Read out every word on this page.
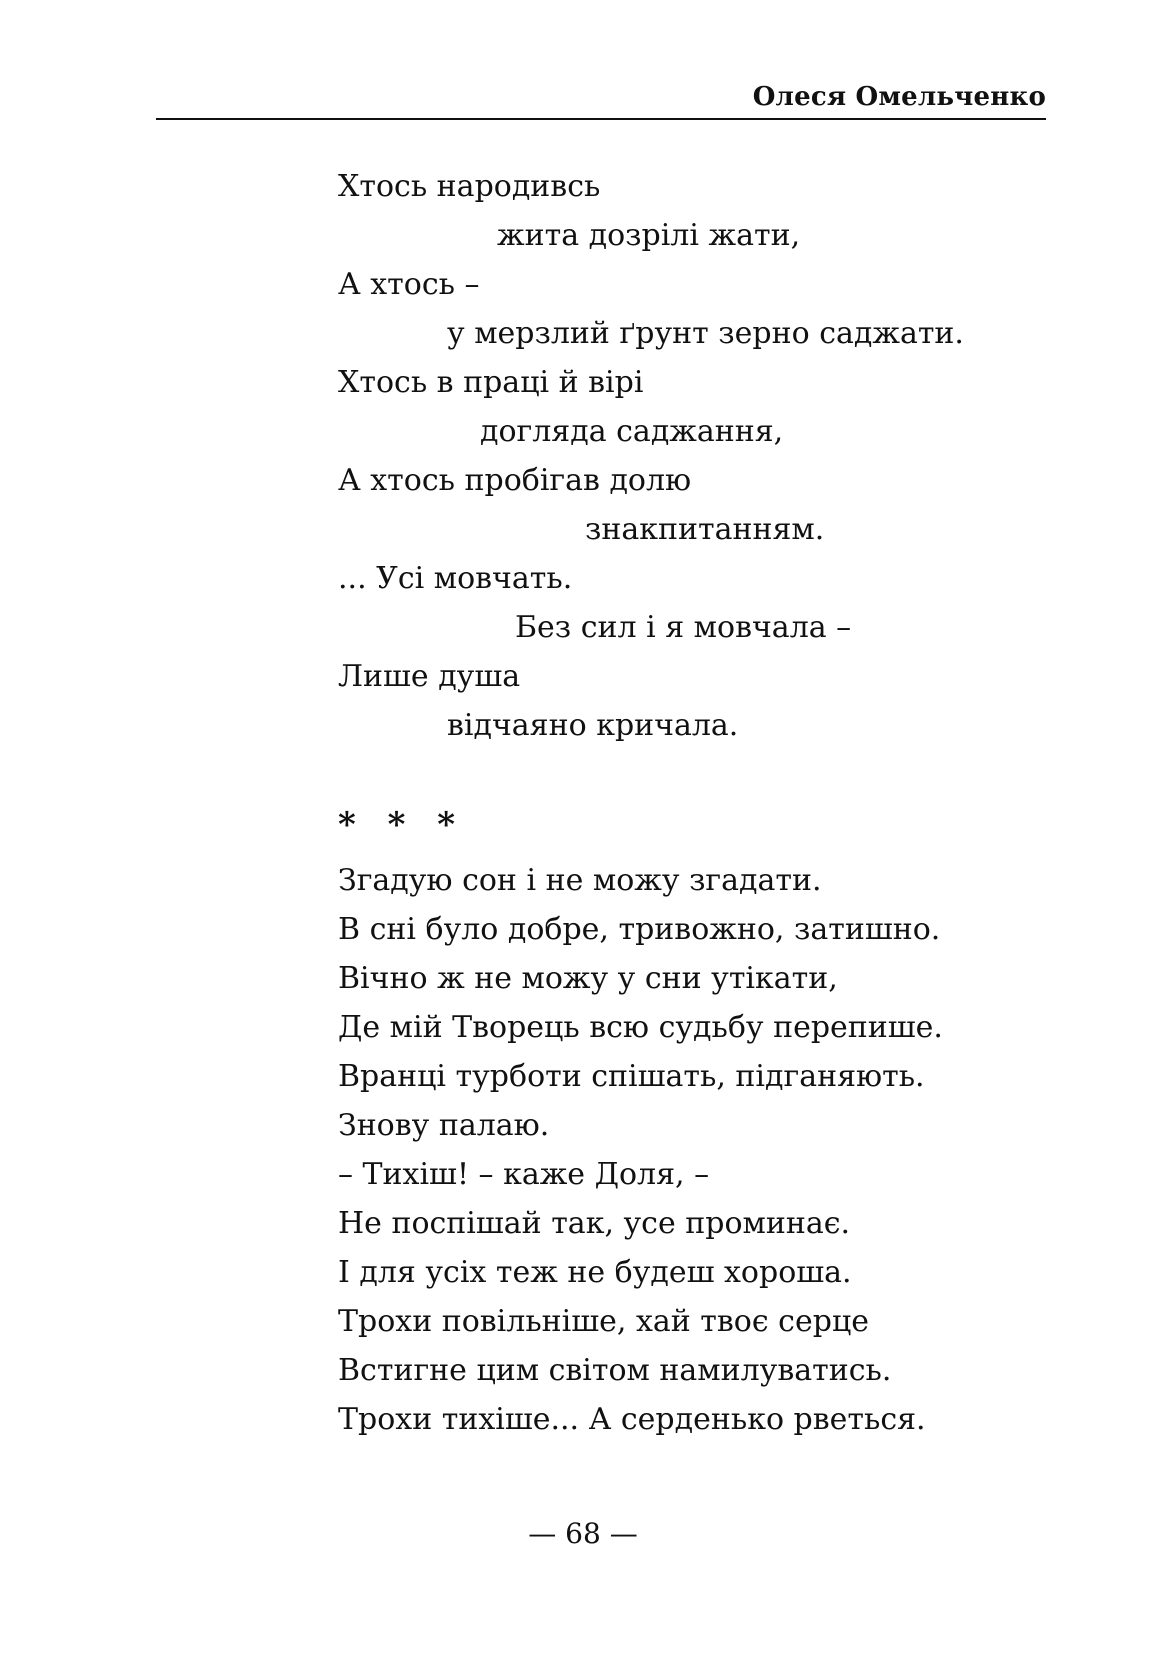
Олеся Омельченко
Хтось народивсь
жита дозрілі жати,
А хтось –
у мерзлий ґрунт зерно саджати.
Хтось в праці й вірі
догляда саджання,
А хтось пробігав долю
знакпитанням.
... Усі мовчать.
Без сил і я мовчала –
Лише душа
відчаяно кричала.
* * *
Згадую сон і не можу згадати.
В сні було добре, тривожно, затишно.
Вічно ж не можу у сни утікати,
Де мій Творець всю судьбу перепише.
Вранці турботи спішать, підганяють.
Знову палаю.
– Тихіш! – каже Доля, –
Не поспішай так, усе проминає.
І для усіх теж не будеш хороша.
Трохи повільніше, хай твоє серце
Встигне цим світом намилуватись.
Трохи тихіше... А серденько рветься.
— 68 —
